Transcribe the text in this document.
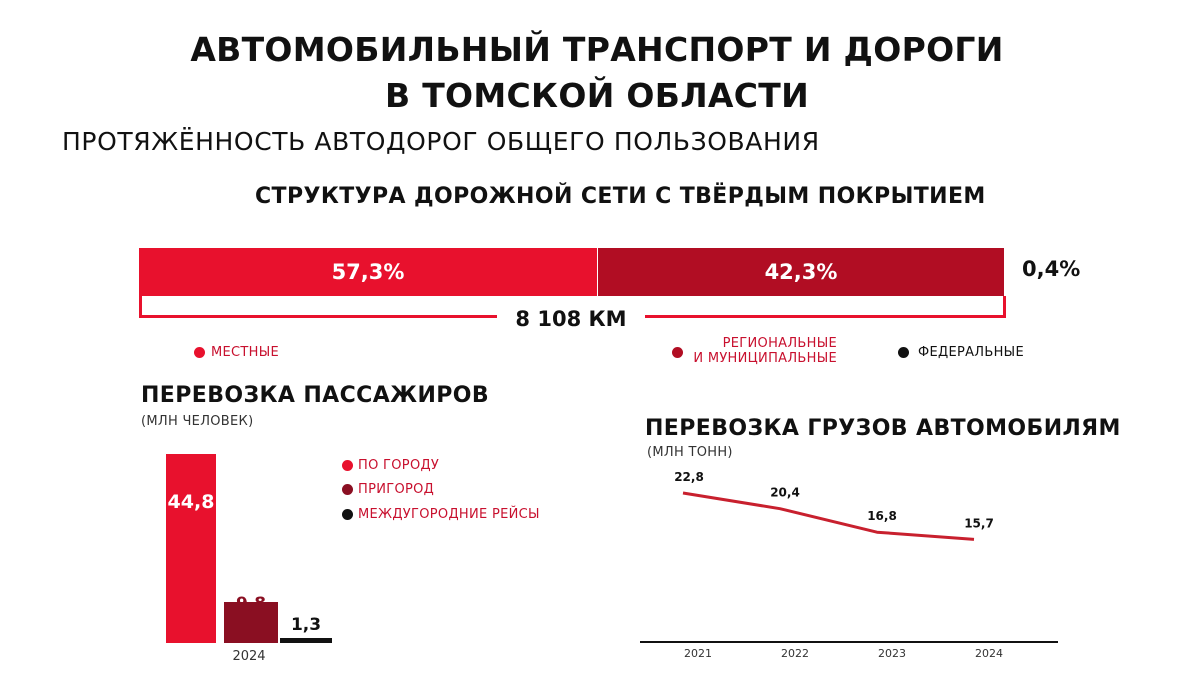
АВТОМОБИЛЬНЫЙ ТРАНСПОРТ И ДОРОГИ
В ТОМСКОЙ ОБЛАСТИ
ПРОТЯЖЁННОСТЬ АВТОДОРОГ ОБЩЕГО ПОЛЬЗОВАНИЯ
СТРУКТУРА ДОРОЖНОЙ СЕТИ С ТВЁРДЫМ ПОКРЫТИЕМ
57,3%	42,3%
8 108 КМ
0,4%
МЕСТНЫЕ
РЕГИОНАЛЬНЫЕ
И МУНИЦИПАЛЬНЫЕ	ФЕДЕРАЛЬНЫЕ
ПЕРЕВОЗКА ПАССАЖИРОВ
(МЛН ЧЕЛОВЕК)
44,8
9,8
1,3
2024
ПО ГОРОДУ
ПРИГОРОД
МЕЖДУГОРОДНИЕ РЕЙСЫ
ПЕРЕВОЗКА ГРУЗОВ АВТОМОБИЛЯМ
(МЛН ТОНН)
22,8
2021
20,4
2022
16,8
2023
15,7
2024
